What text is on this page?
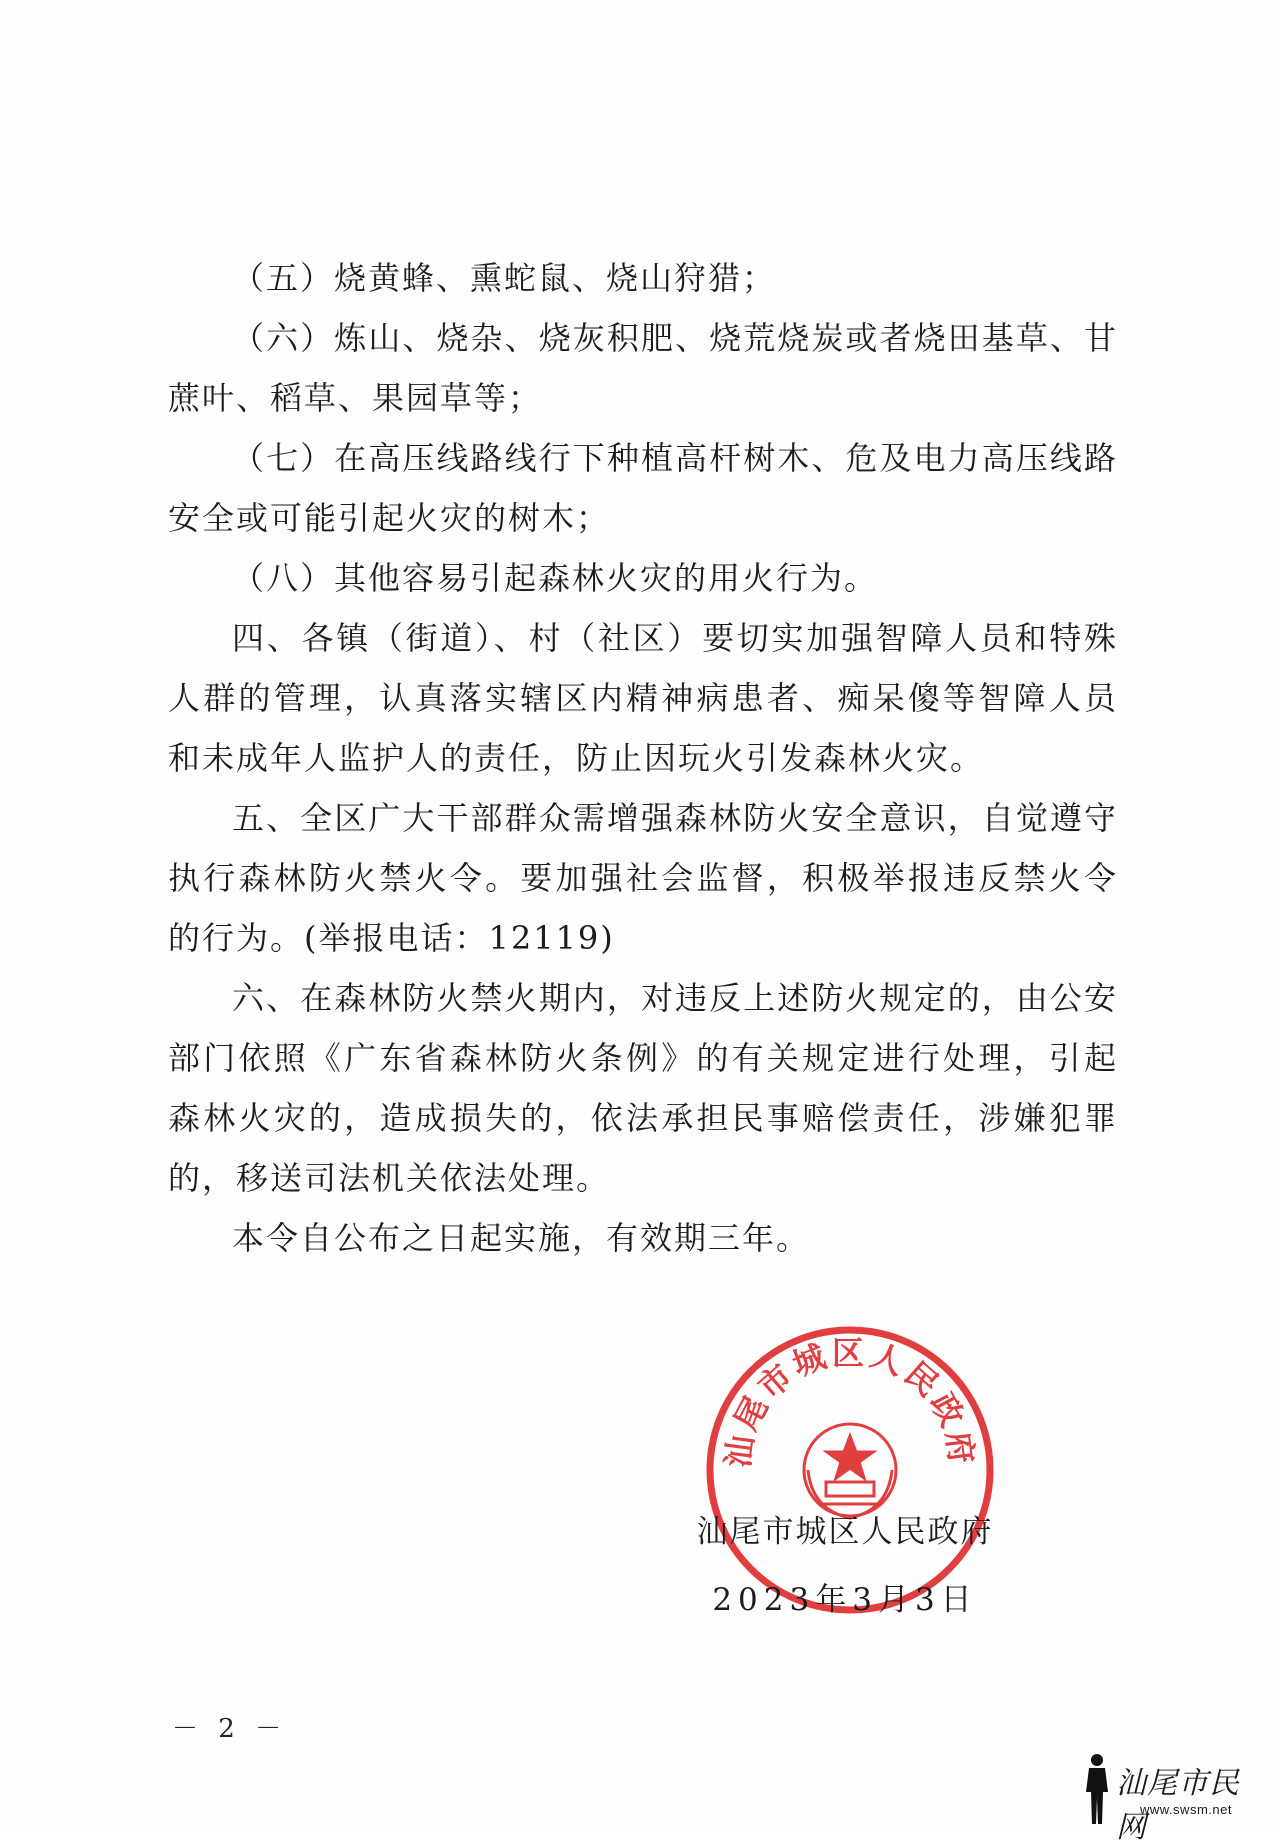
（五）烧黄蜂、熏蛇鼠、烧山狩猎；

（六）炼山、烧杂、烧灰积肥、烧荒烧炭或者烧田基草、甘蔗叶、稻草、果园草等；

（七）在高压线路线行下种植高杆树木、危及电力高压线路安全或可能引起火灾的树木；

（八）其他容易引起森林火灾的用火行为。

四、各镇（街道）、村（社区）要切实加强智障人员和特殊人群的管理，认真落实辖区内精神病患者、痴呆傻等智障人员和未成年人监护人的责任，防止因玩火引发森林火灾。

五、全区广大干部群众需增强森林防火安全意识，自觉遵守执行森林防火禁火令。要加强社会监督，积极举报违反禁火令的行为。(举报电话：12119)

六、在森林防火禁火期内，对违反上述防火规定的，由公安部门依照《广东省森林防火条例》的有关规定进行处理，引起森林火灾的，造成损失的，依法承担民事赔偿责任，涉嫌犯罪的，移送司法机关依法处理。

本令自公布之日起实施，有效期三年。

汕尾市城区人民政府
汕尾市城区人民政府
2023年3月3日
－ 2 －
汕尾市民网
www.swsm.net
